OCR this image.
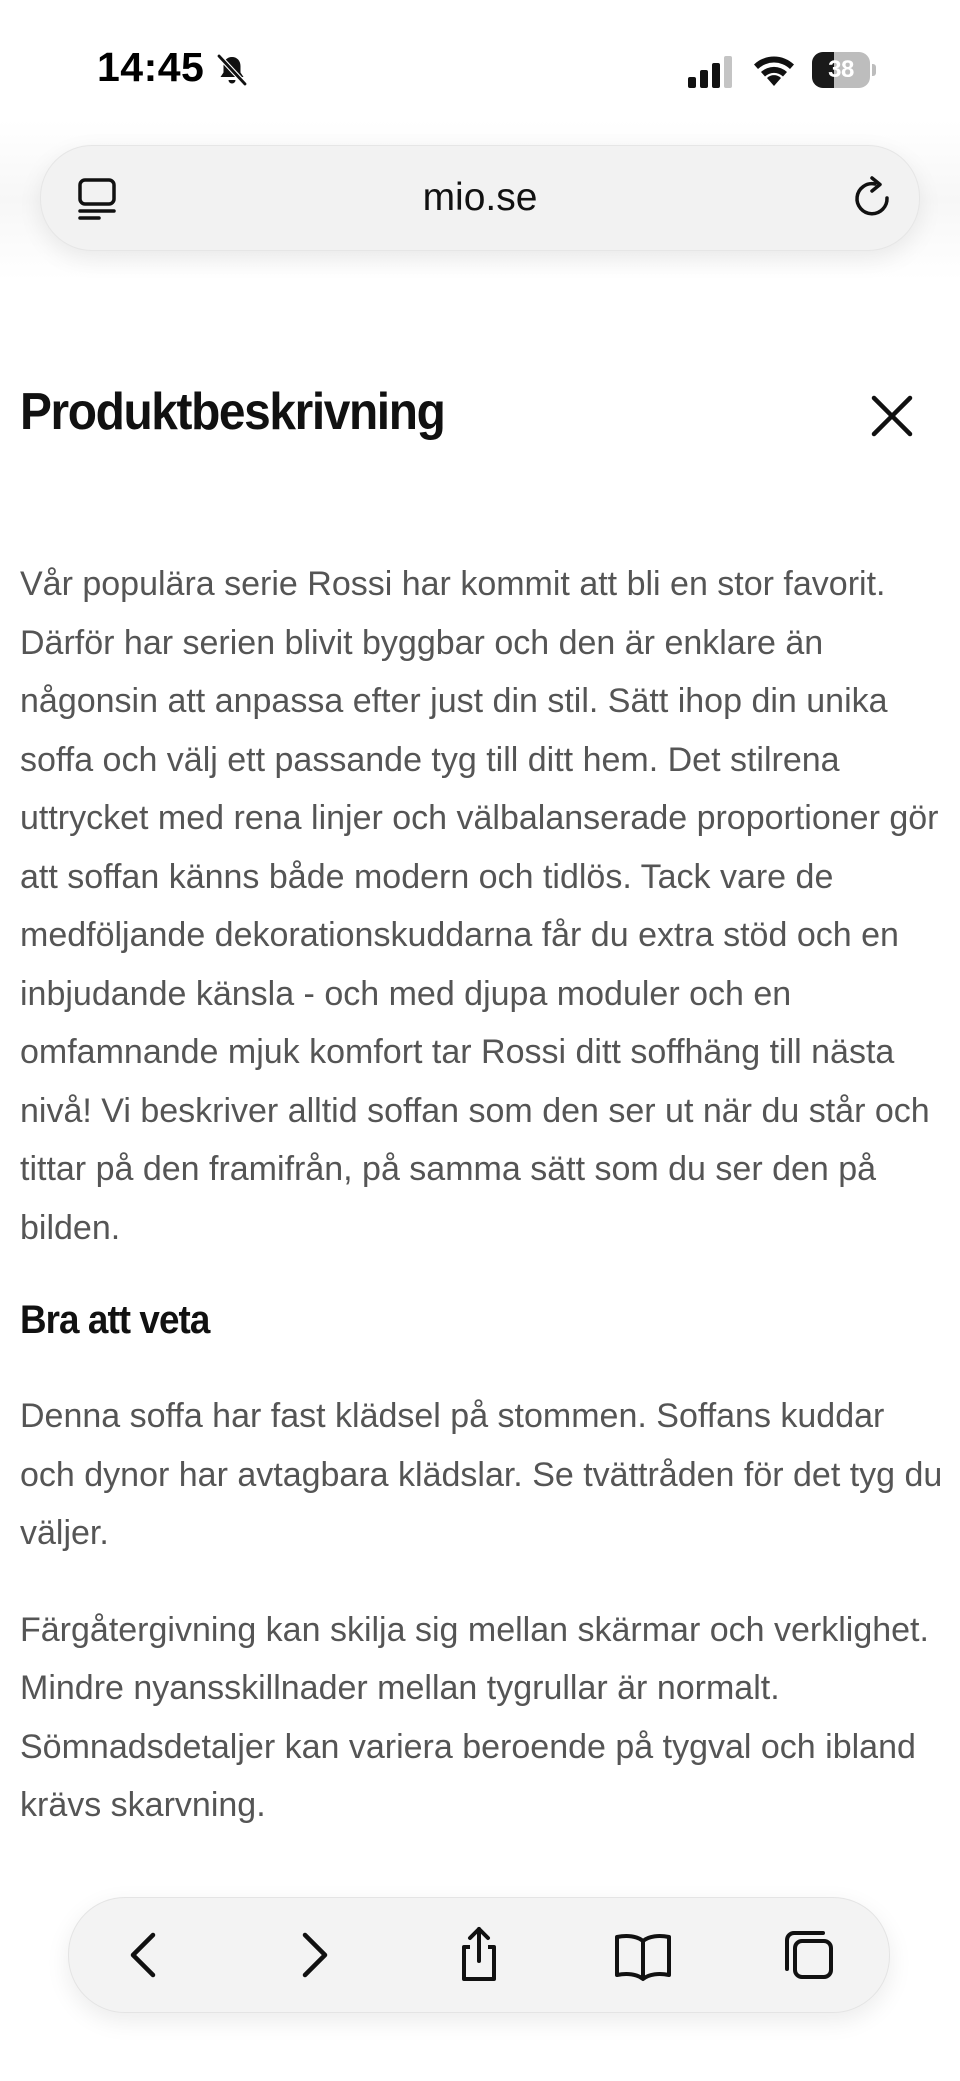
14:45	38
mio.se
Produktbeskrivning

Vår populära serie Rossi har kommit att bli en stor favorit. Därför har serien blivit byggbar och den är enklare än någonsin att anpassa efter just din stil. Sätt ihop din unika soffa och välj ett passande tyg till ditt hem. Det stilrena uttrycket med rena linjer och välbalanserade proportioner gör att soffan känns både modern och tidlös. Tack vare de medföljande dekorationskuddarna får du extra stöd och en inbjudande känsla - och med djupa moduler och en omfamnande mjuk komfort tar Rossi ditt soffhäng till nästa nivå! Vi beskriver alltid soffan som den ser ut när du står och tittar på den framifrån, på samma sätt som du ser den på bilden.

Bra att veta

Denna soffa har fast klädsel på stommen. Soffans kuddar och dynor har avtagbara klädslar. Se tvättråden för det tyg du väljer.

Färgåtergivning kan skilja sig mellan skärmar och verklighet. Mindre nyansskillnader mellan tygrullar är normalt. Sömnadsdetaljer kan variera beroende på tygval och ibland krävs skarvning.
